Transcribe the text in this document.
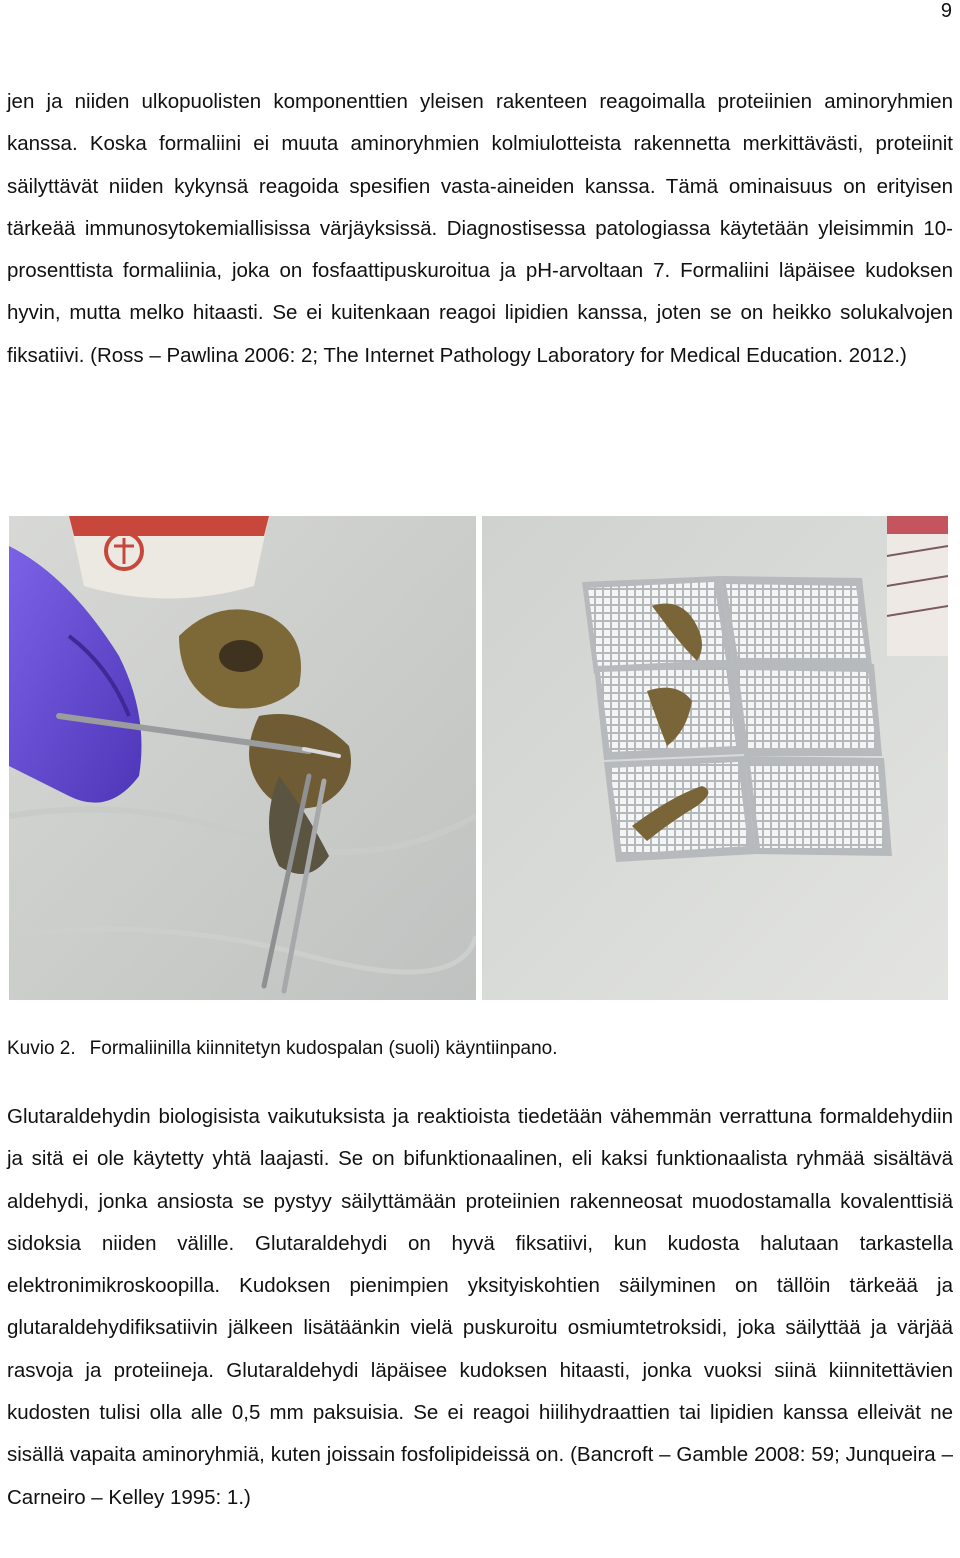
9

jen ja niiden ulkopuolisten komponenttien yleisen rakenteen reagoimalla proteiinien aminoryhmien kanssa. Koska formaliini ei muuta aminoryhmien kolmiulotteista rakennetta merkittävästi, proteiinit säilyttävät niiden kykynsä reagoida spesifien vasta-aineiden kanssa. Tämä ominaisuus on erityisen tärkeää immunosytokemiallisissa värjäyksissä. Diagnostisessa patologiassa käytetään yleisimmin 10-prosenttista formaliinia, joka on fosfaattipuskuroitua ja pH-arvoltaan 7. Formaliini läpäisee kudoksen hyvin, mutta melko hitaasti. Se ei kuitenkaan reagoi lipidien kanssa, joten se on heikko solukalvojen fiksatiivi. (Ross – Pawlina 2006: 2; The Internet Pathology Laboratory for Medical Education. 2012.)

Kuvio 2. Formaliinilla kiinnitetyn kudospalan (suoli) käyntiinpano.

Glutaraldehydin biologisista vaikutuksista ja reaktioista tiedetään vähemmän verrattuna formaldehydiin ja sitä ei ole käytetty yhtä laajasti. Se on bifunktionaalinen, eli kaksi funktionaalista ryhmää sisältävä aldehydi, jonka ansiosta se pystyy säilyttämään proteiinien rakenneosat muodostamalla kovalenttisiä sidoksia niiden välille. Glutaraldehydi on hyvä fiksatiivi, kun kudosta halutaan tarkastella elektronimikroskoopilla. Kudoksen pienimpien yksityiskohtien säilyminen on tällöin tärkeää ja glutaraldehydifiksatiivin jälkeen lisätäänkin vielä puskuroitu osmiumtetroksidi, joka säilyttää ja värjää rasvoja ja proteiineja. Glutaraldehydi läpäisee kudoksen hitaasti, jonka vuoksi siinä kiinnitettävien kudosten tulisi olla alle 0,5 mm paksuisia. Se ei reagoi hiilihydraattien tai lipidien kanssa elleivät ne sisällä vapaita aminoryhmiä, kuten joissain fosfolipideissä on. (Bancroft – Gamble 2008: 59; Junqueira – Carneiro – Kelley 1995: 1.)
